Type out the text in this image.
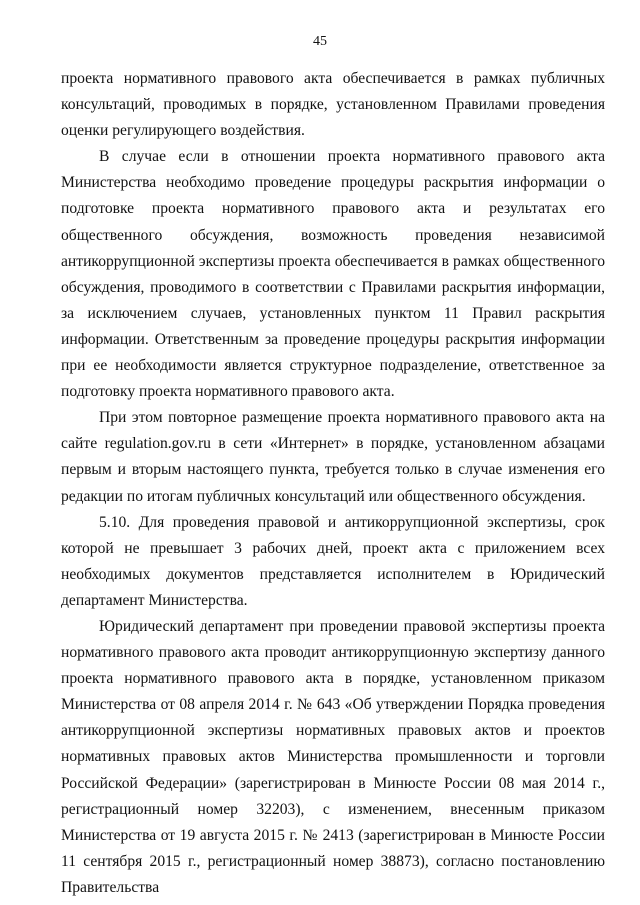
45

проекта нормативного правового акта обеспечивается в рамках публичных консультаций, проводимых в порядке, установленном Правилами проведения оценки регулирующего воздействия.

В случае если в отношении проекта нормативного правового акта Министерства необходимо проведение процедуры раскрытия информации о подготовке проекта нормативного правового акта и результатах его общественного обсуждения, возможность проведения независимой антикоррупционной экспертизы проекта обеспечивается в рамках общественного обсуждения, проводимого в соответствии с Правилами раскрытия информации, за исключением случаев, установленных пунктом 11 Правил раскрытия информации. Ответственным за проведение процедуры раскрытия информации при ее необходимости является структурное подразделение, ответственное за подготовку проекта нормативного правового акта.

При этом повторное размещение проекта нормативного правового акта на сайте regulation.gov.ru в сети «Интернет» в порядке, установленном абзацами первым и вторым настоящего пункта, требуется только в случае изменения его редакции по итогам публичных консультаций или общественного обсуждения.

5.10. Для проведения правовой и антикоррупционной экспертизы, срок которой не превышает 3 рабочих дней, проект акта с приложением всех необходимых документов представляется исполнителем в Юридический департамент Министерства.

Юридический департамент при проведении правовой экспертизы проекта нормативного правового акта проводит антикоррупционную экспертизу данного проекта нормативного правового акта в порядке, установленном приказом Министерства от 08 апреля 2014 г. № 643 «Об утверждении Порядка проведения антикоррупционной экспертизы нормативных правовых актов и проектов нормативных правовых актов Министерства промышленности и торговли Российской Федерации» (зарегистрирован в Минюсте России 08 мая 2014 г., регистрационный номер 32203), с изменением, внесенным приказом Министерства от 19 августа 2015 г. № 2413 (зарегистрирован в Минюсте России 11 сентября 2015 г., регистрационный номер 38873), согласно постановлению Правительства
